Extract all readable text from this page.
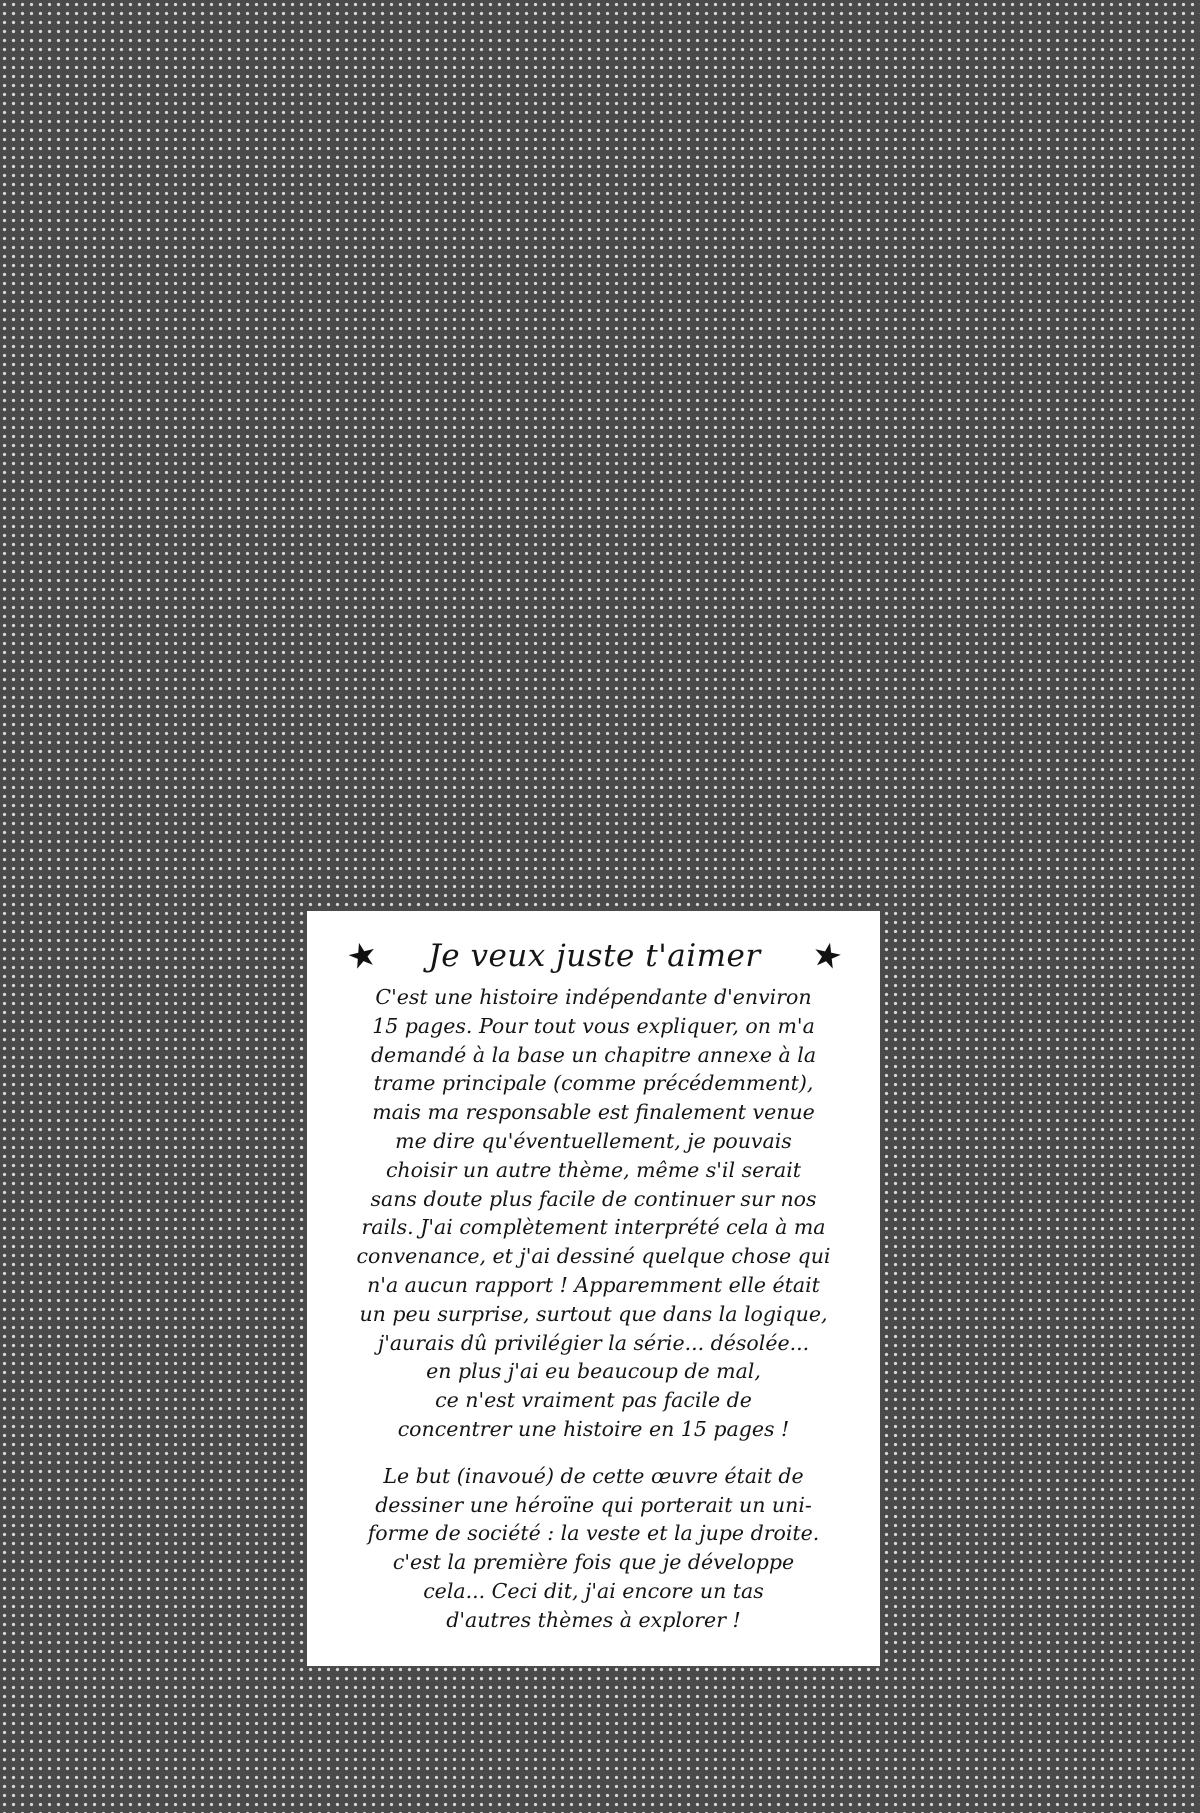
★ Je veux juste t'aimer ★

C'est une histoire indépendante d'environ
15 pages. Pour tout vous expliquer, on m'a
demandé à la base un chapitre annexe à la
trame principale (comme précédemment),
mais ma responsable est finalement venue
me dire qu'éventuellement, je pouvais
choisir un autre thème, même s'il serait
sans doute plus facile de continuer sur nos
rails. J'ai complètement interprété cela à ma
convenance, et j'ai dessiné quelque chose qui
n'a aucun rapport ! Apparemment elle était
un peu surprise, surtout que dans la logique,
j'aurais dû privilégier la série... désolée...
en plus j'ai eu beaucoup de mal,
ce n'est vraiment pas facile de
concentrer une histoire en 15 pages !

Le but (inavoué) de cette œuvre était de
dessiner une héroïne qui porterait un uni-
forme de société : la veste et la jupe droite.
c'est la première fois que je développe
cela... Ceci dit, j'ai encore un tas
d'autres thèmes à explorer !
